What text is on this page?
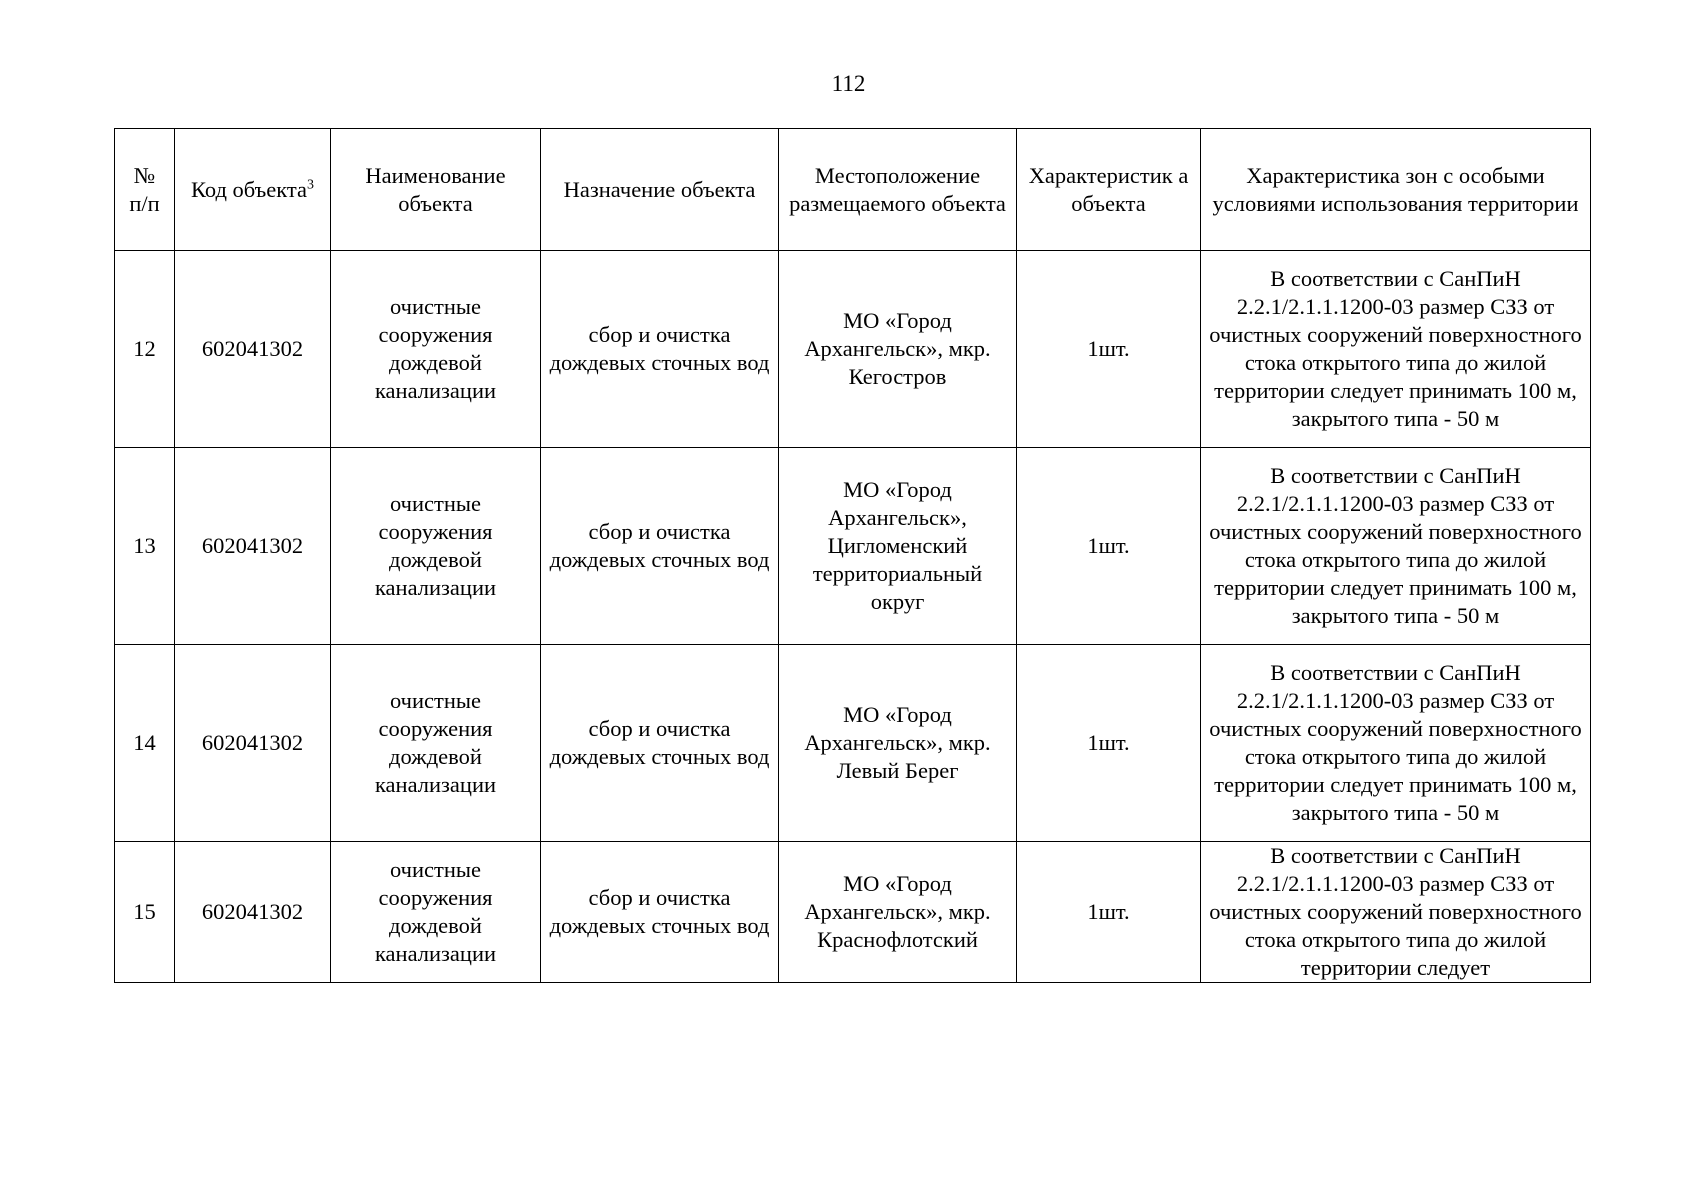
112
№ п/п	Код объекта$^3$	Наименование объекта	Назначение объекта	Местоположение размещаемого объекта	Характеристик а объекта	Характеристика зон с особыми условиями использования территории
12	602041302	очистные сооружения дождевой канализации	сбор и очистка дождевых сточных вод	МО «Город Архангельск», мкр. Кегостров	1шт.	В соответствии с СанПиН 2.2.1/2.1.1.1200-03 размер СЗЗ от очистных сооружений поверхностного стока открытого типа до жилой территории следует принимать 100 м, закрытого типа - 50 м
13	602041302	очистные сооружения дождевой канализации	сбор и очистка дождевых сточных вод	МО «Город Архангельск», Цигломенский территориальный округ	1шт.	В соответствии с СанПиН 2.2.1/2.1.1.1200-03 размер СЗЗ от очистных сооружений поверхностного стока открытого типа до жилой территории следует принимать 100 м, закрытого типа - 50 м
14	602041302	очистные сооружения дождевой канализации	сбор и очистка дождевых сточных вод	МО «Город Архангельск», мкр. Левый Берег	1шт.	В соответствии с СанПиН 2.2.1/2.1.1.1200-03 размер СЗЗ от очистных сооружений поверхностного стока открытого типа до жилой территории следует принимать 100 м, закрытого типа - 50 м
15	602041302	очистные сооружения дождевой канализации	сбор и очистка дождевых сточных вод	МО «Город Архангельск», мкр. Краснофлотский	1шт.	В соответствии с СанПиН 2.2.1/2.1.1.1200-03 размер СЗЗ от очистных сооружений поверхностного стока открытого типа до жилой территории следует
